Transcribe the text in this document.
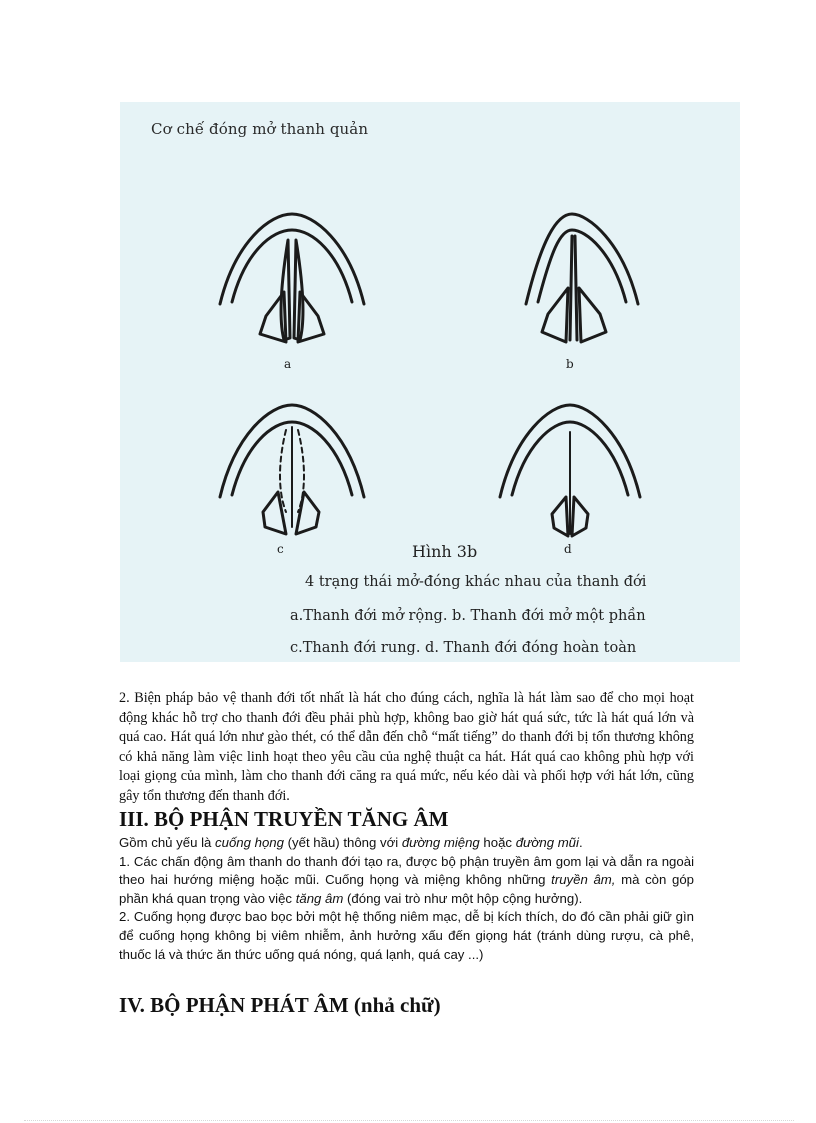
Cơ chế đóng mở thanh quản
a	b
c	d
Hình 3b
4 trạng thái mở-đóng khác nhau của thanh đới
a.Thanh đới mở rộng. b. Thanh đới mở một phần
c.Thanh đới rung. d. Thanh đới đóng hoàn toàn
2. Biện pháp bảo vệ thanh đới tốt nhất là hát cho đúng cách, nghĩa là hát làm sao để cho mọi hoạt động khác hỗ trợ cho thanh đới đều phải phù hợp, không bao giờ hát quá sức, tức là hát quá lớn và quá cao. Hát quá lớn như gào thét, có thể dẫn đến chỗ “mất tiếng” do thanh đới bị tổn thương không có khả năng làm việc linh hoạt theo yêu cầu của nghệ thuật ca hát. Hát quá cao không phù hợp với loại giọng của mình, làm cho thanh đới căng ra quá mức, nếu kéo dài và phối hợp với hát lớn, cũng gây tổn thương đến thanh đới.
III. BỘ PHẬN TRUYỀN TĂNG ÂM
Gồm chủ yếu là cuống họng (yết hầu) thông với đường miệng hoặc đường mũi.
1. Các chấn động âm thanh do thanh đới tạo ra, được bộ phận truyền âm gom lại và dẫn ra ngoài theo hai hướng miệng hoặc mũi. Cuống họng và miệng không những truyền âm, mà còn góp phần khá quan trọng vào việc tăng âm (đóng vai trò như một hộp cộng hưởng).
2. Cuống họng được bao bọc bởi một hệ thống niêm mạc, dễ bị kích thích, do đó cần phải giữ gìn để cuống họng không bị viêm nhiễm, ảnh hưởng xấu đến giọng hát (tránh dùng rượu, cà phê, thuốc lá và thức ăn thức uống quá nóng, quá lạnh, quá cay ...)
IV. BỘ PHẬN PHÁT ÂM (nhả chữ)
